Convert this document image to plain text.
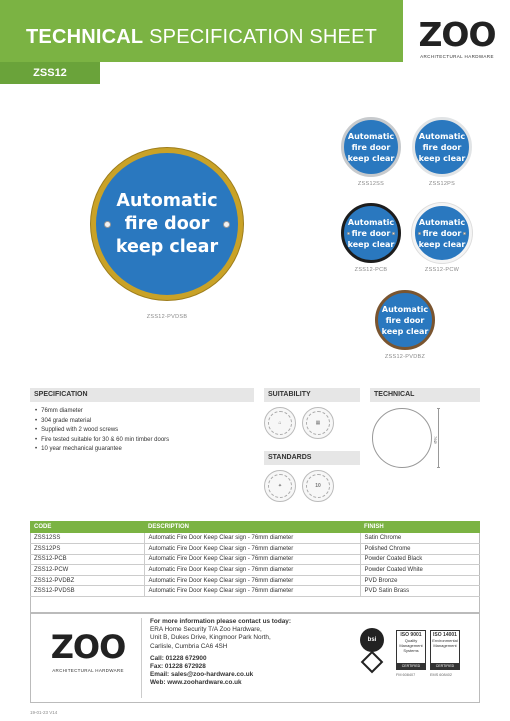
TECHNICAL SPECIFICATION SHEET
ZSS12
ZOO
ARCHITECTURAL HARDWARE
Automatic
fire door
keep clear
ZSS12-PVDSB
Automatic
fire door
keep clear
ZSS12SS
Automatic
fire door
keep clear
ZSS12PS
Automatic
fire door
keep clear
ZSS12-PCB
Automatic
fire door
keep clear
ZSS12-PCW
Automatic
fire door
keep clear
ZSS12-PVDBZ
SPECIFICATION
• 76mm diameter
• 304 grade material
• Supplied with 2 wood screws
• Fire tested suitable for 30 & 60 min timber doors
• 10 year mechanical guarantee
SUITABILITY
⌂	▦
STANDARDS
✦	10
TECHNICAL
76Ø
CODE	DESCRIPTION	FINISH
ZSS12SS	Automatic Fire Door Keep Clear sign - 76mm diameter	Satin Chrome
ZSS12PS	Automatic Fire Door Keep Clear sign - 76mm diameter	Polished Chrome
ZSS12-PCB	Automatic Fire Door Keep Clear sign - 76mm diameter	Powder Coated Black
ZSS12-PCW	Automatic Fire Door Keep Clear sign - 76mm diameter	Powder Coated White
ZSS12-PVDBZ	Automatic Fire Door Keep Clear sign - 76mm diameter	PVD Bronze
ZSS12-PVDSB	Automatic Fire Door Keep Clear sign - 76mm diameter	PVD Satin Brass
ZOO
ARCHITECTURAL HARDWARE
For more information please contact us today:
ERA Home Security T/A Zoo Hardware,
Unit B, Dukes Drive, Kingmoor Park North,
Carlisle, Cumbria CA6 4SH
Call: 01228 672900
Fax: 01228 672928
Email: sales@zoo-hardware.co.uk
Web: www.zoohardware.co.uk
bsi
ISO 9001
Quality
Management
Systems
CERTIFIED
ISO 14001
Environmental
Management
CERTIFIED
FM 608407	EMS 608402
19-01-23 V14
